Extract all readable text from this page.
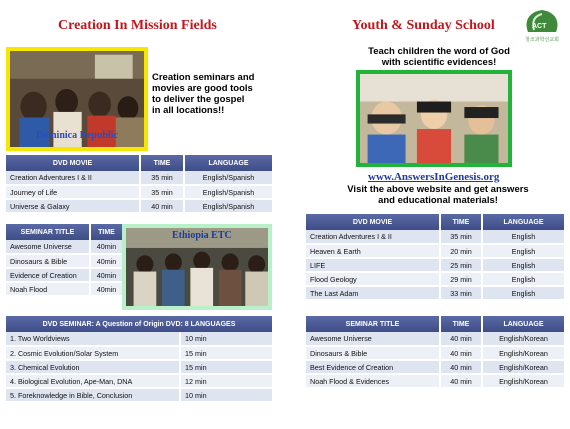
Creation In Mission Fields
Dominica Republic
Creation seminars and
movies are good tools
to deliver the gospel
in all locations!!
DVD MOVIE	TIME	LANGUAGE
Creation Adventures I & II	35 min	English/Spanish
Journey of Life	35 min	English/Spanish
Universe & Galaxy	40 min	English/Spanish
SEMINAR TITLE	TIME
Awesome Universe	40min
Dinosaurs & Bible	40min
Evidence of Creation	40min
Noah Flood	40min
Ethiopia ETC
DVD SEMINAR: A Question of Origin DVD: 8 LANGUAGES	
1. Two Worldviews	10 min
2. Cosmic Evolution/Solar System	15 min
3. Chemical Evolution	15 min
4. Biological Evolution, Ape-Man, DNA	12 min
5. Foreknowledge in Bible, Conclusion	10 min
Youth & Sunday School	ACT
창조과학선교회
Teach children the word of God
with scientific evidences!
www.AnswersInGenesis.org
Visit the above website and get answers
and educational materials!
DVD MOVIE	TIME	LANGUAGE
Creation Adventures I & II	35 min	English
Heaven & Earth	20 min	English
LIFE	25 min	English
Flood Geology	29 min	English
The Last Adam	33 min	English
SEMINAR TITLE	TIME	LANGUAGE
Awesome Universe	40 min	English/Korean
Dinosaurs & Bible	40 min	English/Korean
Best Evidence of Creation	40 min	English/Korean
Noah Flood & Evidences	40 min	English/Korean
